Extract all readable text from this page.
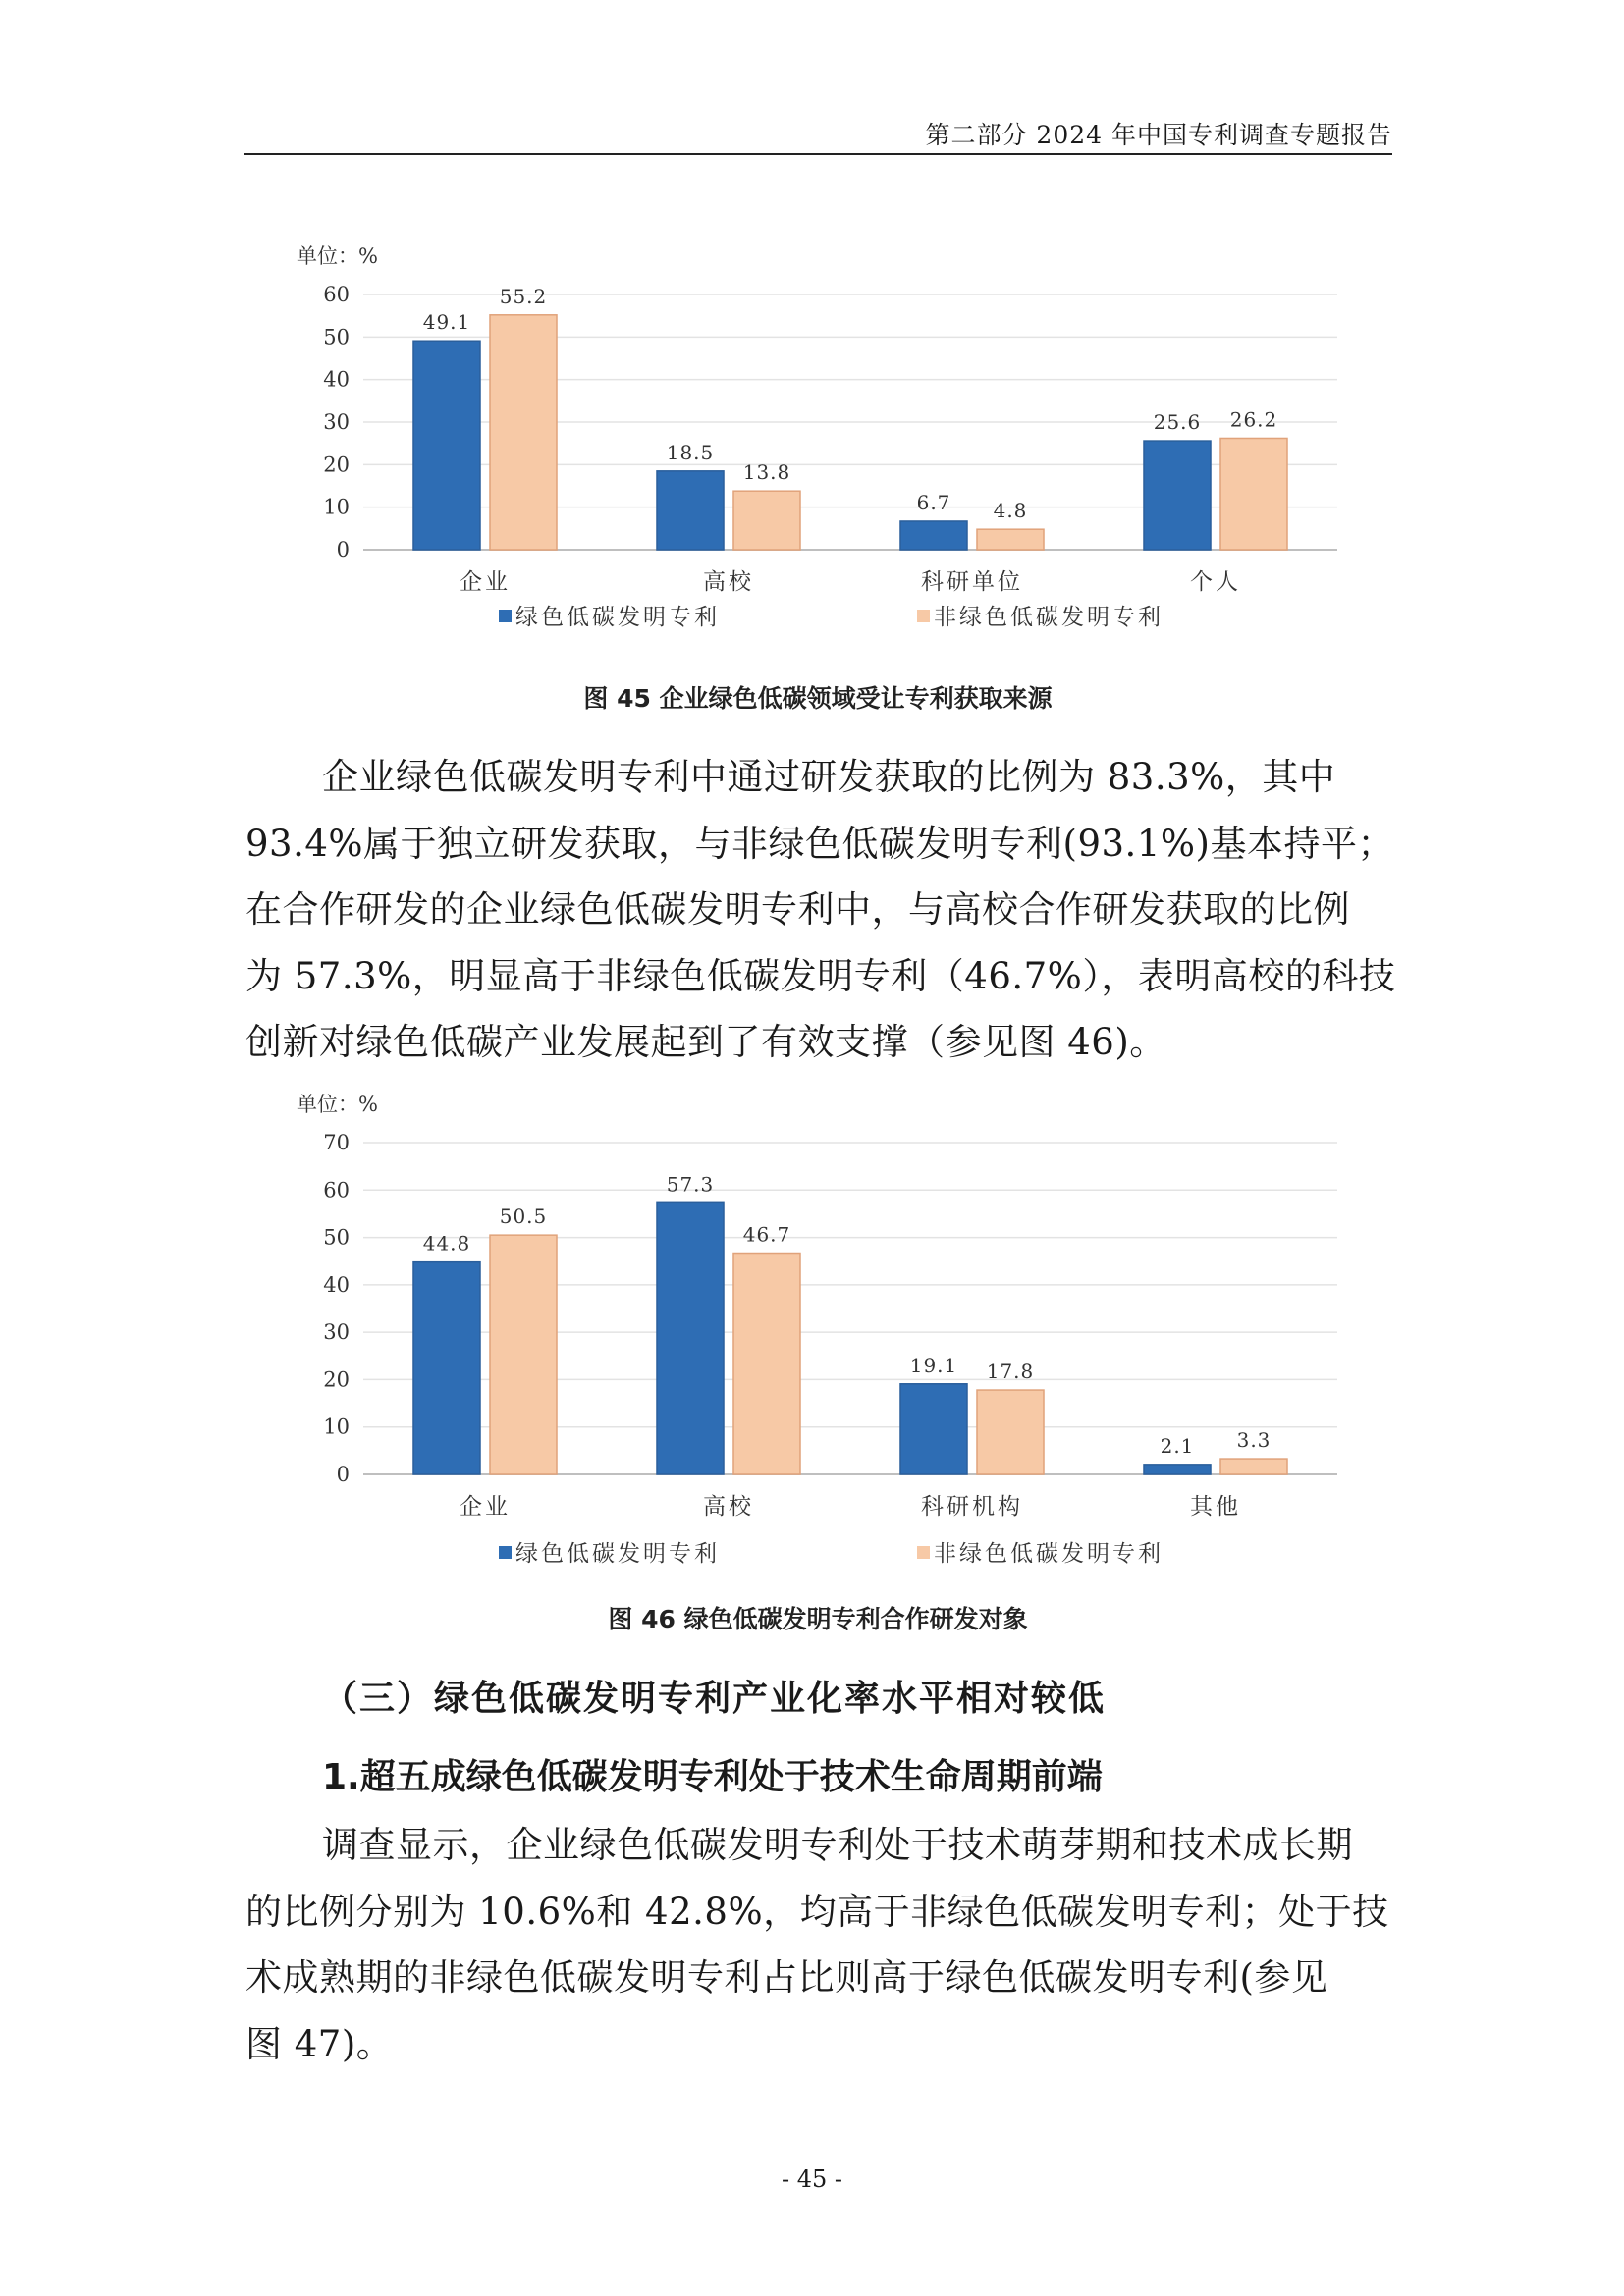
第二部分 2024 年中国专利调查专题报告
单位：%
0
10
20
30
40
50
60
49.1
55.2
企业
18.5
13.8
高校
6.7 4.8
科研单位
25.6 26.2
个人
绿色低碳发明专利	非绿色低碳发明专利
图 45 企业绿色低碳领域受让专利获取来源
企业绿色低碳发明专利中通过研发获取的比例为 83.3%，其中
93.4%属于独立研发获取，与非绿色低碳发明专利(93.1%)基本持平；
在合作研发的企业绿色低碳发明专利中，与高校合作研发获取的比例
为 57.3%，明显高于非绿色低碳发明专利（46.7%），表明高校的科技
创新对绿色低碳产业发展起到了有效支撑（参见图 46)。
单位：%
0
10
20
30
40
50
60
70
44.8
50.5
企业
57.3
46.7
高校
19.1 17.8
科研机构
2.1 3.3
其他
绿色低碳发明专利	非绿色低碳发明专利
图 46 绿色低碳发明专利合作研发对象
（三）绿色低碳发明专利产业化率水平相对较低
1.超五成绿色低碳发明专利处于技术生命周期前端
调查显示，企业绿色低碳发明专利处于技术萌芽期和技术成长期
的比例分别为 10.6%和 42.8%，均高于非绿色低碳发明专利；处于技
术成熟期的非绿色低碳发明专利占比则高于绿色低碳发明专利(参见
图 47)。
- 45 -
